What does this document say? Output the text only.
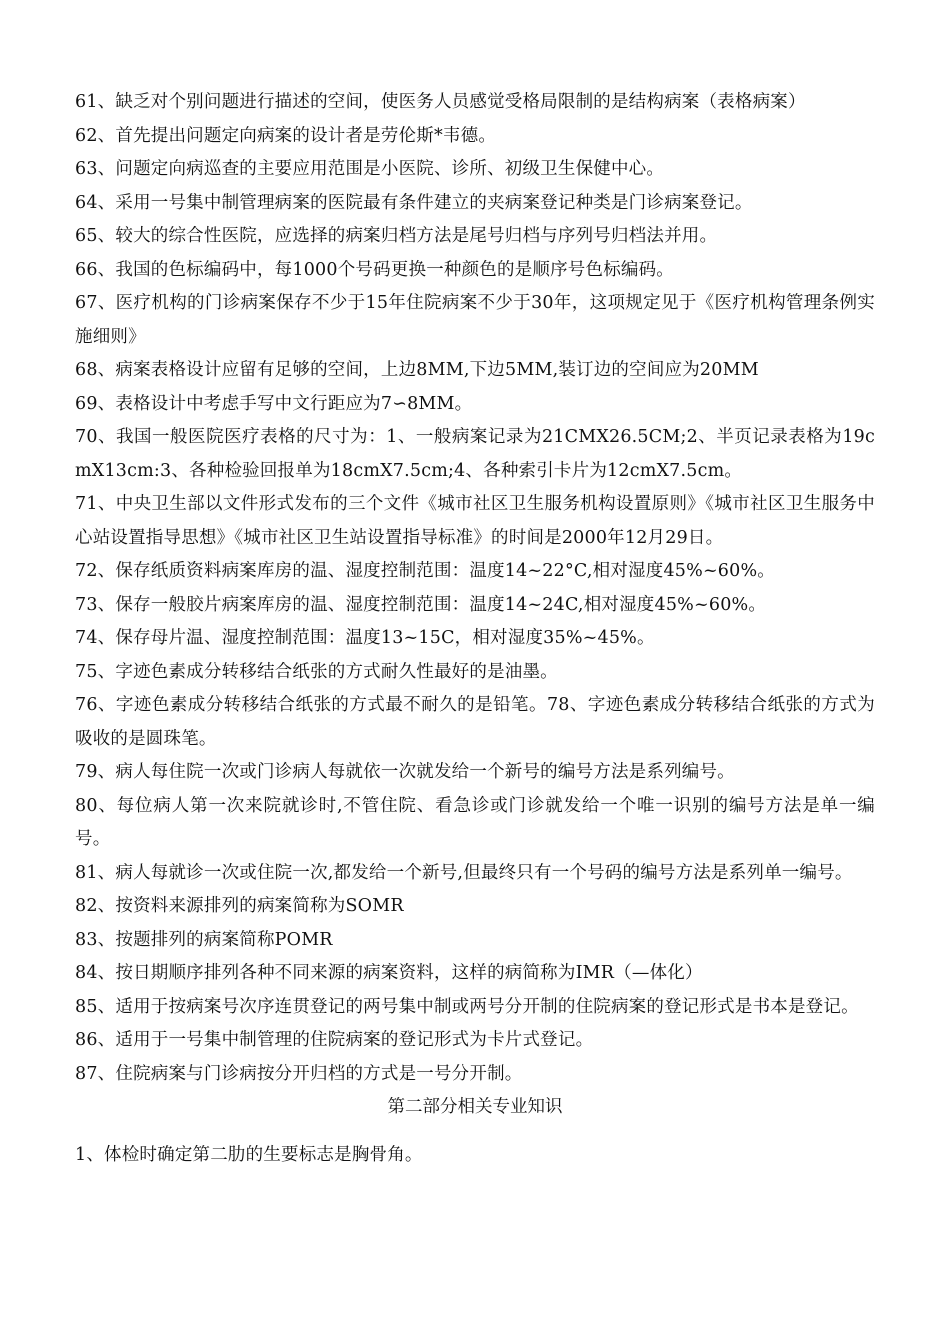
61、缺乏对个别问题进行描述的空间，使医务人员感觉受格局限制的是结构病案（表格病案）

62、首先提出问题定向病案的设计者是劳伦斯*韦德。

63、问题定向病巡查的主要应用范围是小医院、诊所、初级卫生保健中心。

64、采用一号集中制管理病案的医院最有条件建立的夹病案登记种类是门诊病案登记。

65、较大的综合性医院，应选择的病案归档方法是尾号归档与序列号归档法并用。

66、我国的色标编码中，每1000个号码更换一种颜色的是顺序号色标编码。

67、医疗机构的门诊病案保存不少于15年住院病案不少于30年，这项规定见于《医疗机构管理条例实施细则》

68、病案表格设计应留有足够的空间，上边8MM,下边5MM,装订边的空间应为20MM

69、表格设计中考虑手写中文行距应为7∽8MM。

70、我国一般医院医疗表格的尺寸为：1、一般病案记录为21CMX26.5CM;2、半页记录表格为19cmX13cm:3、各种检验回报单为18cmX7.5cm;4、各种索引卡片为12cmX7.5cm。

71、中央卫生部以文件形式发布的三个文件《城市社区卫生服务机构设置原则》《城市社区卫生服务中心站设置指导思想》《城市社区卫生站设置指导标准》的时间是2000年12月29日。

72、保存纸质资料病案库房的温、湿度控制范围：温度14~22°C,相对湿度45%~60%。

73、保存一般胶片病案库房的温、湿度控制范围：温度14~24C,相对湿度45%~60%。

74、保存母片温、湿度控制范围：温度13~15C，相对湿度35%~45%。

75、字迹色素成分转移结合纸张的方式耐久性最好的是油墨。

76、字迹色素成分转移结合纸张的方式最不耐久的是铅笔。78、字迹色素成分转移结合纸张的方式为吸收的是圆珠笔。

79、病人每住院一次或门诊病人每就依一次就发给一个新号的编号方法是系列编号。

80、每位病人第一次来院就诊时,不管住院、看急诊或门诊就发给一个唯一识别的编号方法是单一编号。

81、病人每就诊一次或住院一次,都发给一个新号,但最终只有一个号码的编号方法是系列单一编号。

82、按资料来源排列的病案简称为SOMR

83、按题排列的病案简称POMR

84、按日期顺序排列各种不同来源的病案资料，这样的病简称为IMR（—体化）

85、适用于按病案号次序连贯登记的两号集中制或两号分开制的住院病案的登记形式是书本是登记。

86、适用于一号集中制管理的住院病案的登记形式为卡片式登记。

87、住院病案与门诊病按分开归档的方式是一号分开制。

第二部分相关专业知识

1、体检时确定第二肋的生要标志是胸骨角。
